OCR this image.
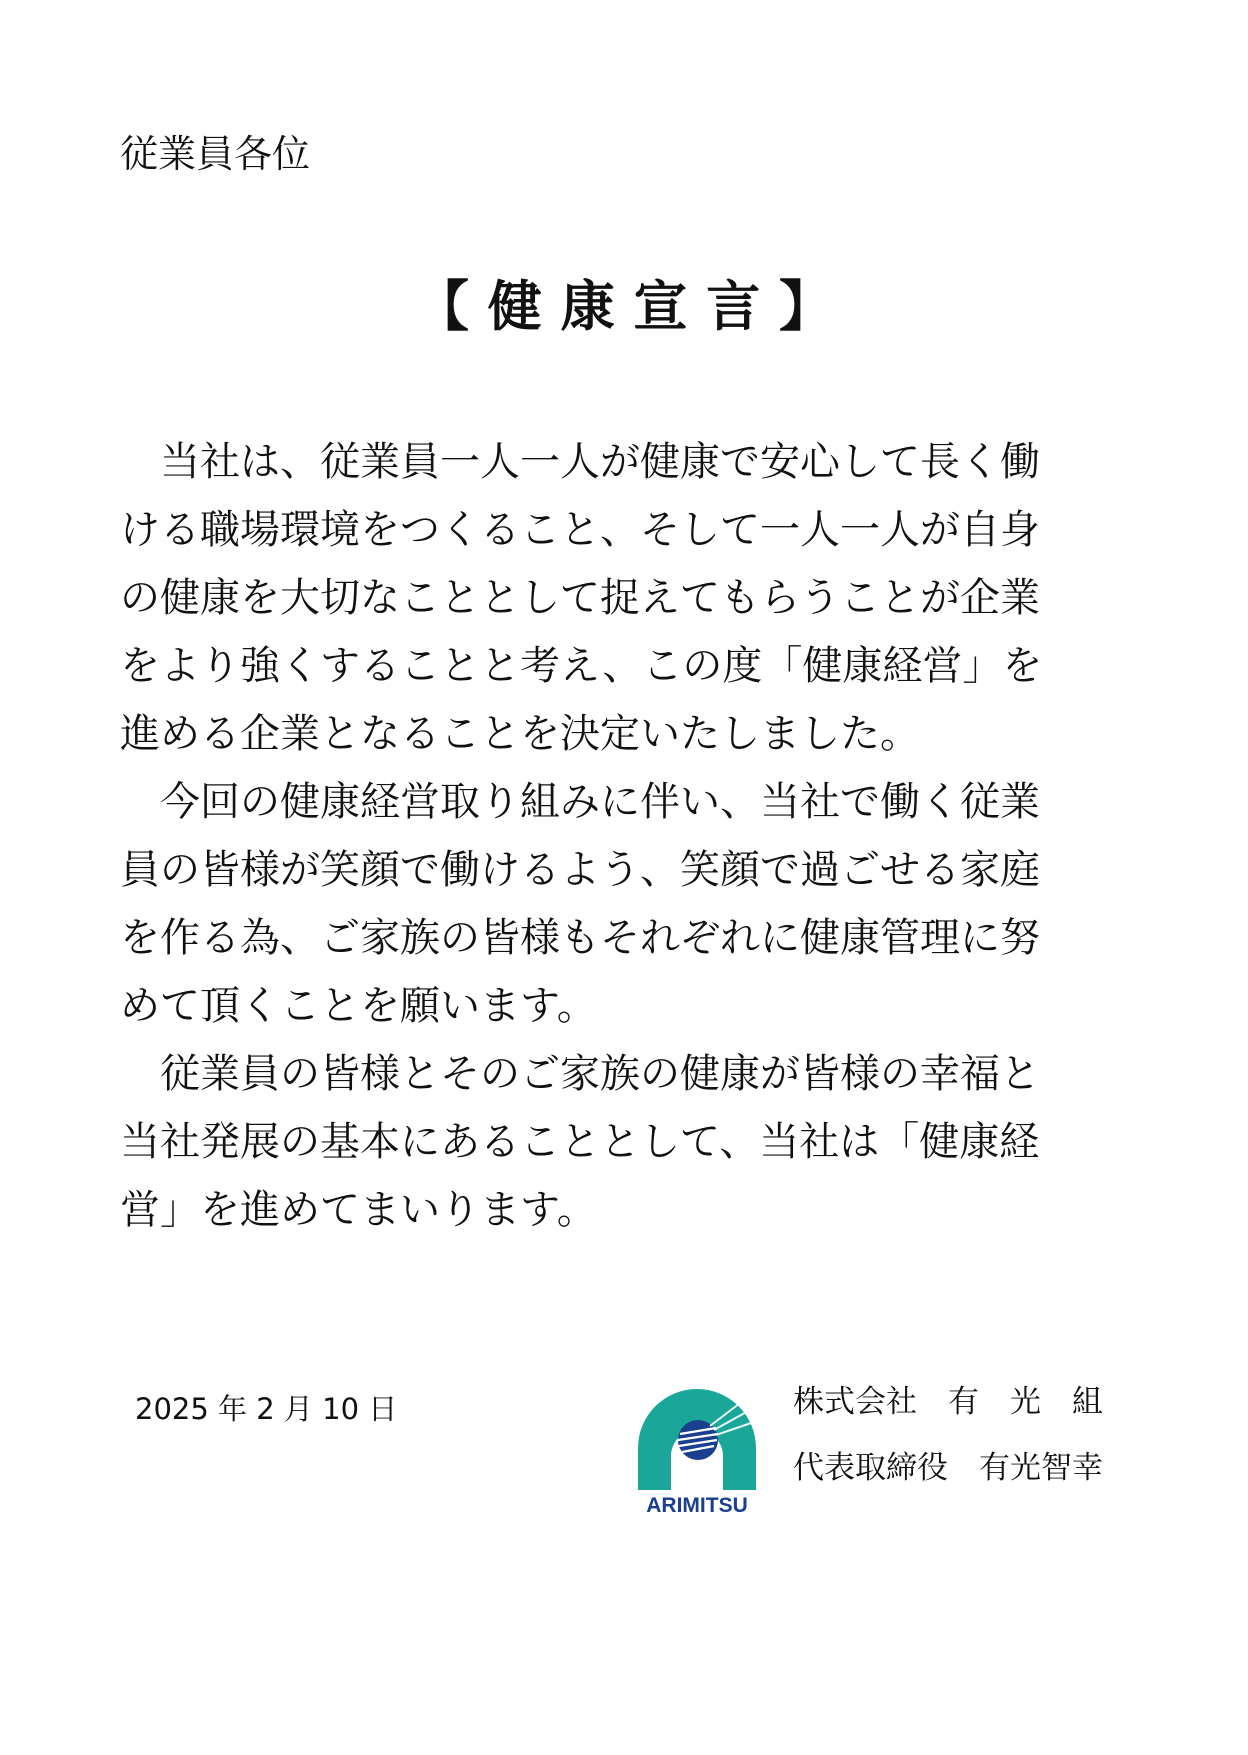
従業員各位
【 健 康 宣 言 】
　当社は、従業員一人一人が健康で安心して長く働
ける職場環境をつくること、そして一人一人が自身
の健康を大切なこととして捉えてもらうことが企業
をより強くすることと考え、この度「健康経営」を
進める企業となることを決定いたしました。
　今回の健康経営取り組みに伴い、当社で働く従業
員の皆様が笑顔で働けるよう、笑顔で過ごせる家庭
を作る為、ご家族の皆様もそれぞれに健康管理に努
めて頂くことを願います。
　従業員の皆様とそのご家族の健康が皆様の幸福と
当社発展の基本にあることとして、当社は「健康経
営」を進めてまいります。
2025 年 2 月 10 日
ARIMITSU
株式会社　有　光　組
代表取締役　有光智幸
